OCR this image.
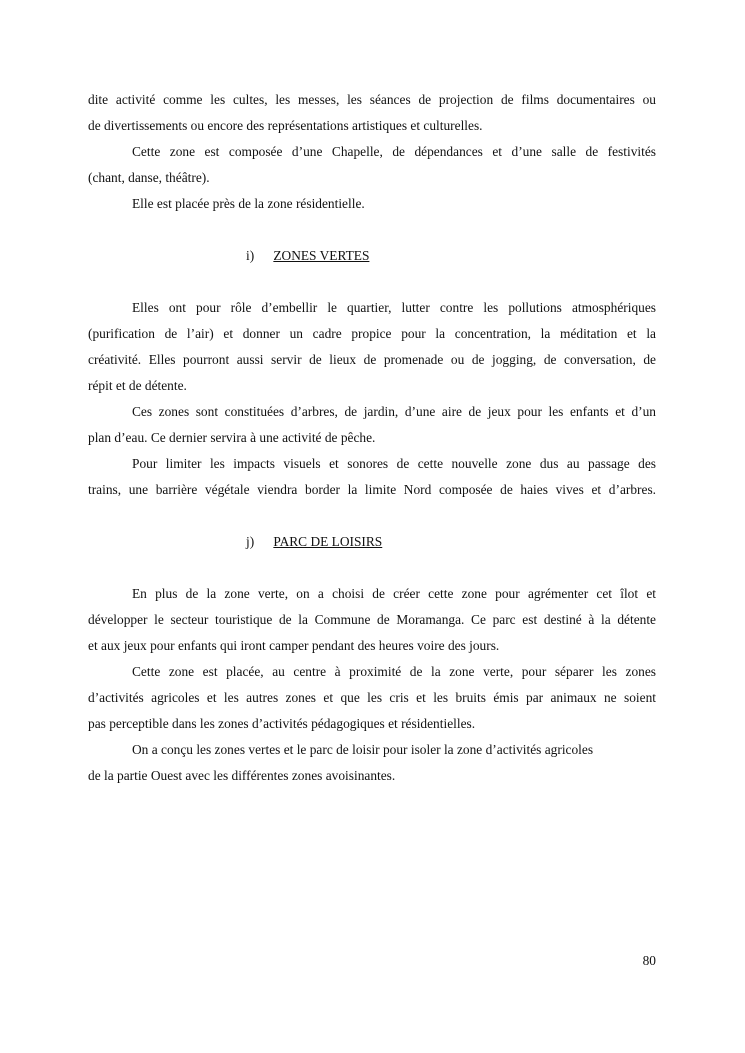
dite activité comme les cultes, les messes, les séances de projection de films documentaires ou
de divertissements ou encore des représentations artistiques et culturelles.
Cette zone est composée d’une Chapelle, de dépendances et d’une salle de festivités
(chant, danse, théâtre).
Elle est placée près de la zone résidentielle.
i) ZONES VERTES
Elles ont pour rôle d’embellir le quartier, lutter contre les pollutions atmosphériques
(purification de l’air) et donner un cadre propice pour la concentration, la méditation et la
créativité. Elles pourront aussi servir de lieux de promenade ou de jogging, de conversation, de
répit et de détente.
Ces zones sont constituées d’arbres, de jardin, d’une aire de jeux pour les enfants et d’un
plan d’eau. Ce dernier servira à une activité de pêche.
Pour limiter les impacts visuels et sonores de cette nouvelle zone dus au passage des
trains, une barrière végétale viendra border la limite Nord composée de haies vives et d’arbres.
j) PARC DE LOISIRS
En plus de la zone verte, on a choisi de créer cette zone pour agrémenter cet îlot et
développer le secteur touristique de la Commune de Moramanga. Ce parc est destiné à la détente
et aux jeux pour enfants qui iront camper pendant des heures voire des jours.
Cette zone est placée, au centre à proximité de la zone verte, pour séparer les zones
d’activités agricoles et les autres zones et que les cris et les bruits émis par animaux ne soient
pas perceptible dans les zones d’activités pédagogiques et résidentielles.
On a conçu les zones vertes et le parc de loisir pour isoler la zone d’activités agricoles
de la partie Ouest avec les différentes zones avoisinantes.
80
